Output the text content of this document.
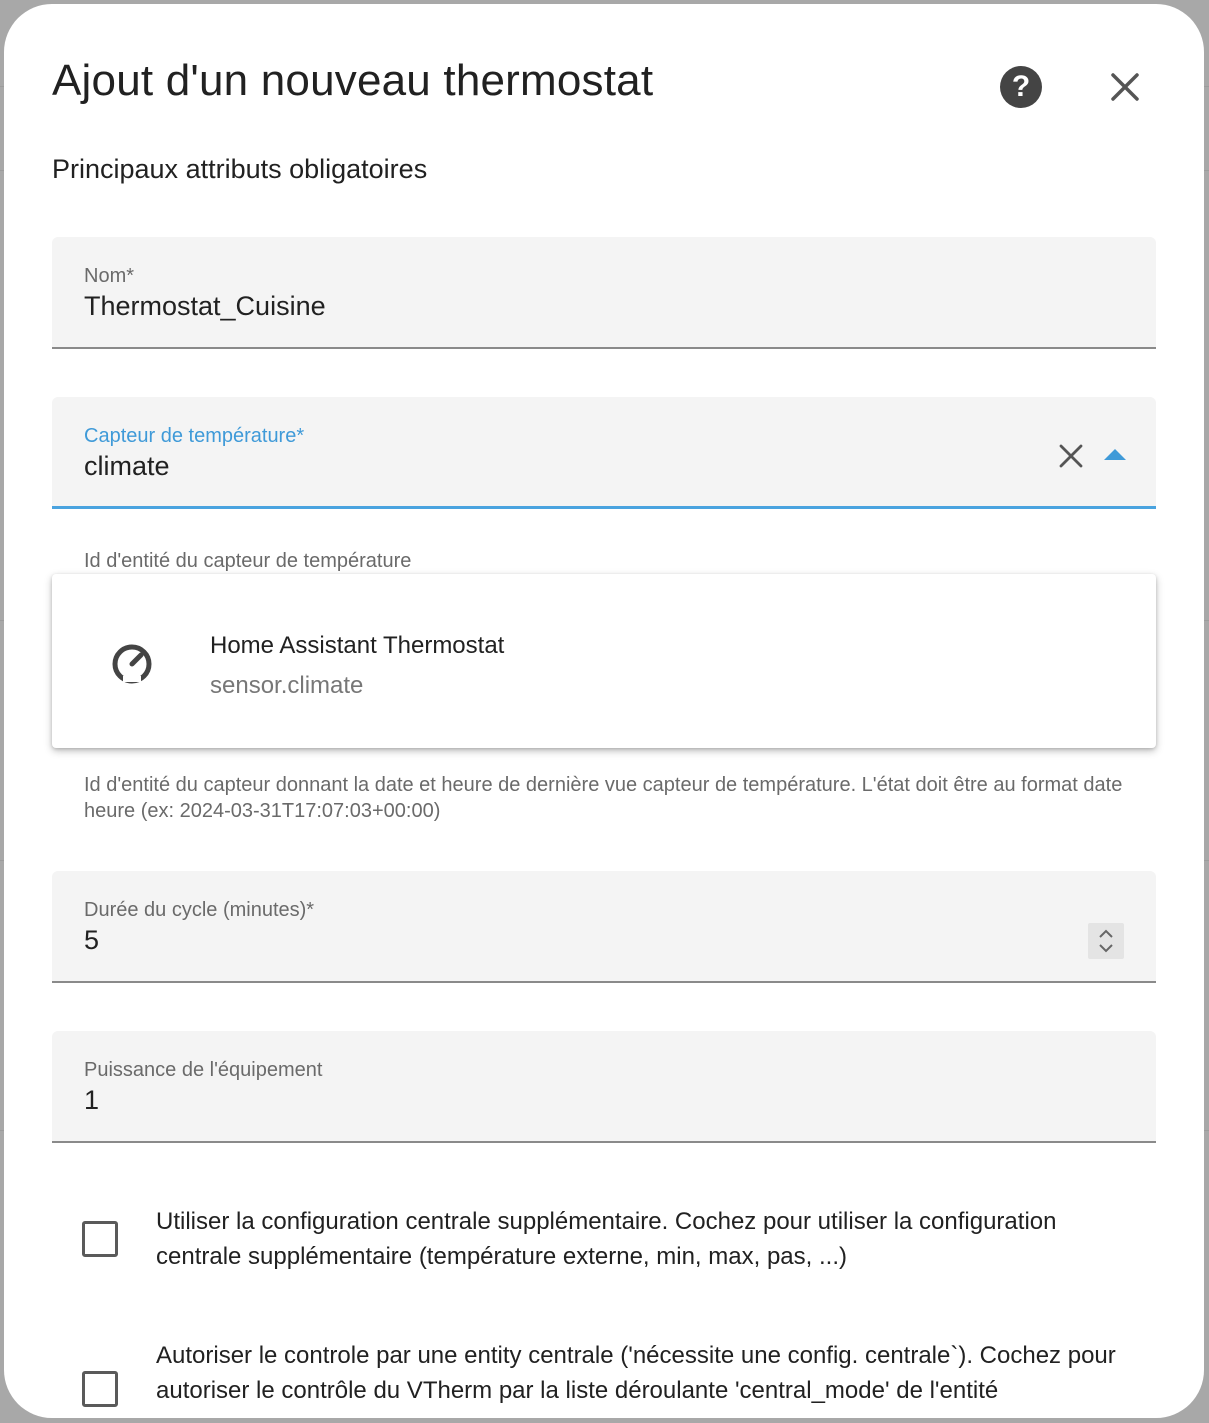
Ajout d'un nouveau thermostat	?
Principaux attributs obligatoires
Nom*
Thermostat_Cuisine
Capteur de température*
climate
Id d'entité du capteur de température
Id d'entité du capteur donnant la date et heure de dernière vue capteur de température. L'état doit être au format date heure (ex: 2024-03-31T17:07:03+00:00)
Durée du cycle (minutes)*
5
Puissance de l'équipement
1
Utiliser la configuration centrale supplémentaire. Cochez pour utiliser la configuration centrale supplémentaire (température externe, min, max, pas, ...)
Autoriser le controle par une entity centrale ('nécessite une config. centrale`). Cochez pour autoriser le contrôle du VTherm par la liste déroulante 'central_mode' de l'entité
Home Assistant Thermostat
sensor.climate
